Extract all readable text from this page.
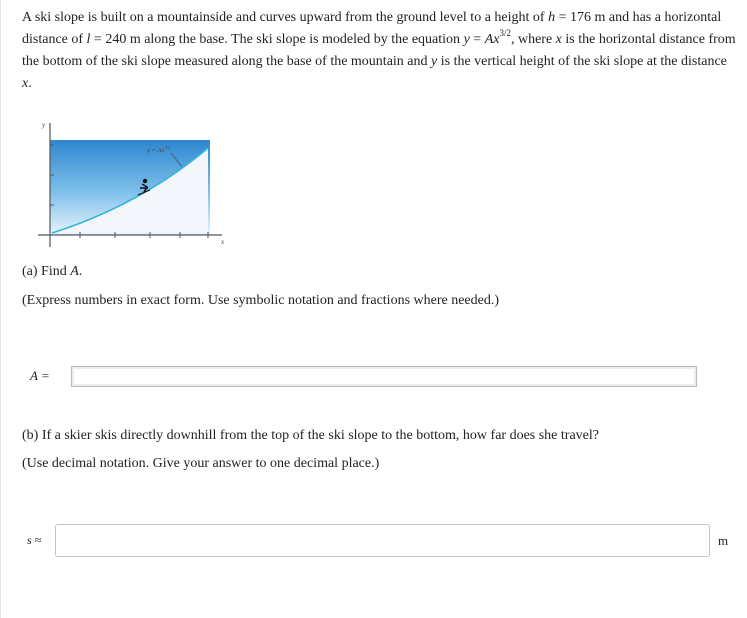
A ski slope is built on a mountainside and curves upward from the ground level to a height of h = 176 m and has a horizontal distance of l = 240 m along the base. The ski slope is modeled by the equation $y = Ax^{3/2}$, where x is the horizontal distance from the bottom of the ski slope measured along the base of the mountain and y is the vertical height of the ski slope at the distance x.
y
x
$y = Ax^{3/2}$
(a) Find A.
(Express numbers in exact form. Use symbolic notation and fractions where needed.)
A =
(b) If a skier skis directly downhill from the top of the ski slope to the bottom, how far does she travel?
(Use decimal notation. Give your answer to one decimal place.)
s ≈	m
